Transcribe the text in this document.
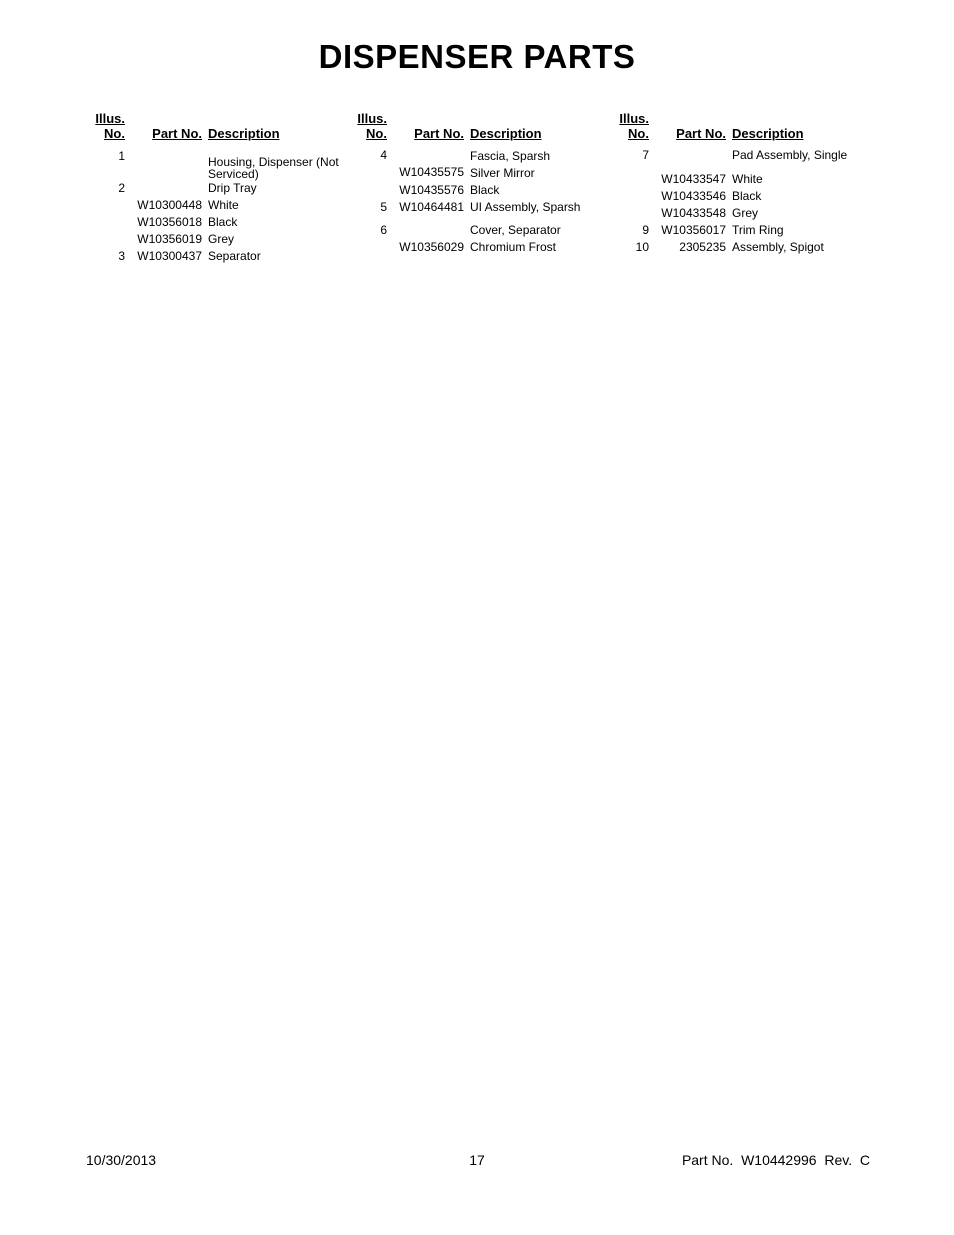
DISPENSER PARTS
Illus.
No.	Part No. Description
1	Housing, Dispenser (Not Serviced)
2	Drip Tray
W10300448 White
W10356018 Black
W10356019 Grey
3	W10300437 Separator
Illus.
No.	Part No. Description
4	Fascia, Sparsh
W10435575 Silver Mirror
W10435576 Black
5	W10464481 UI Assembly, Sparsh
6	Cover, Separator
W10356029 Chromium Frost
Illus.
No.	Part No. Description
7	Pad Assembly, Single
W10433547 White
W10433546 Black
W10433548 Grey
9	W10356017 Trim Ring
10	2305235 Assembly, Spigot
10/30/2013	17	Part No.  W10442996  Rev.  C
